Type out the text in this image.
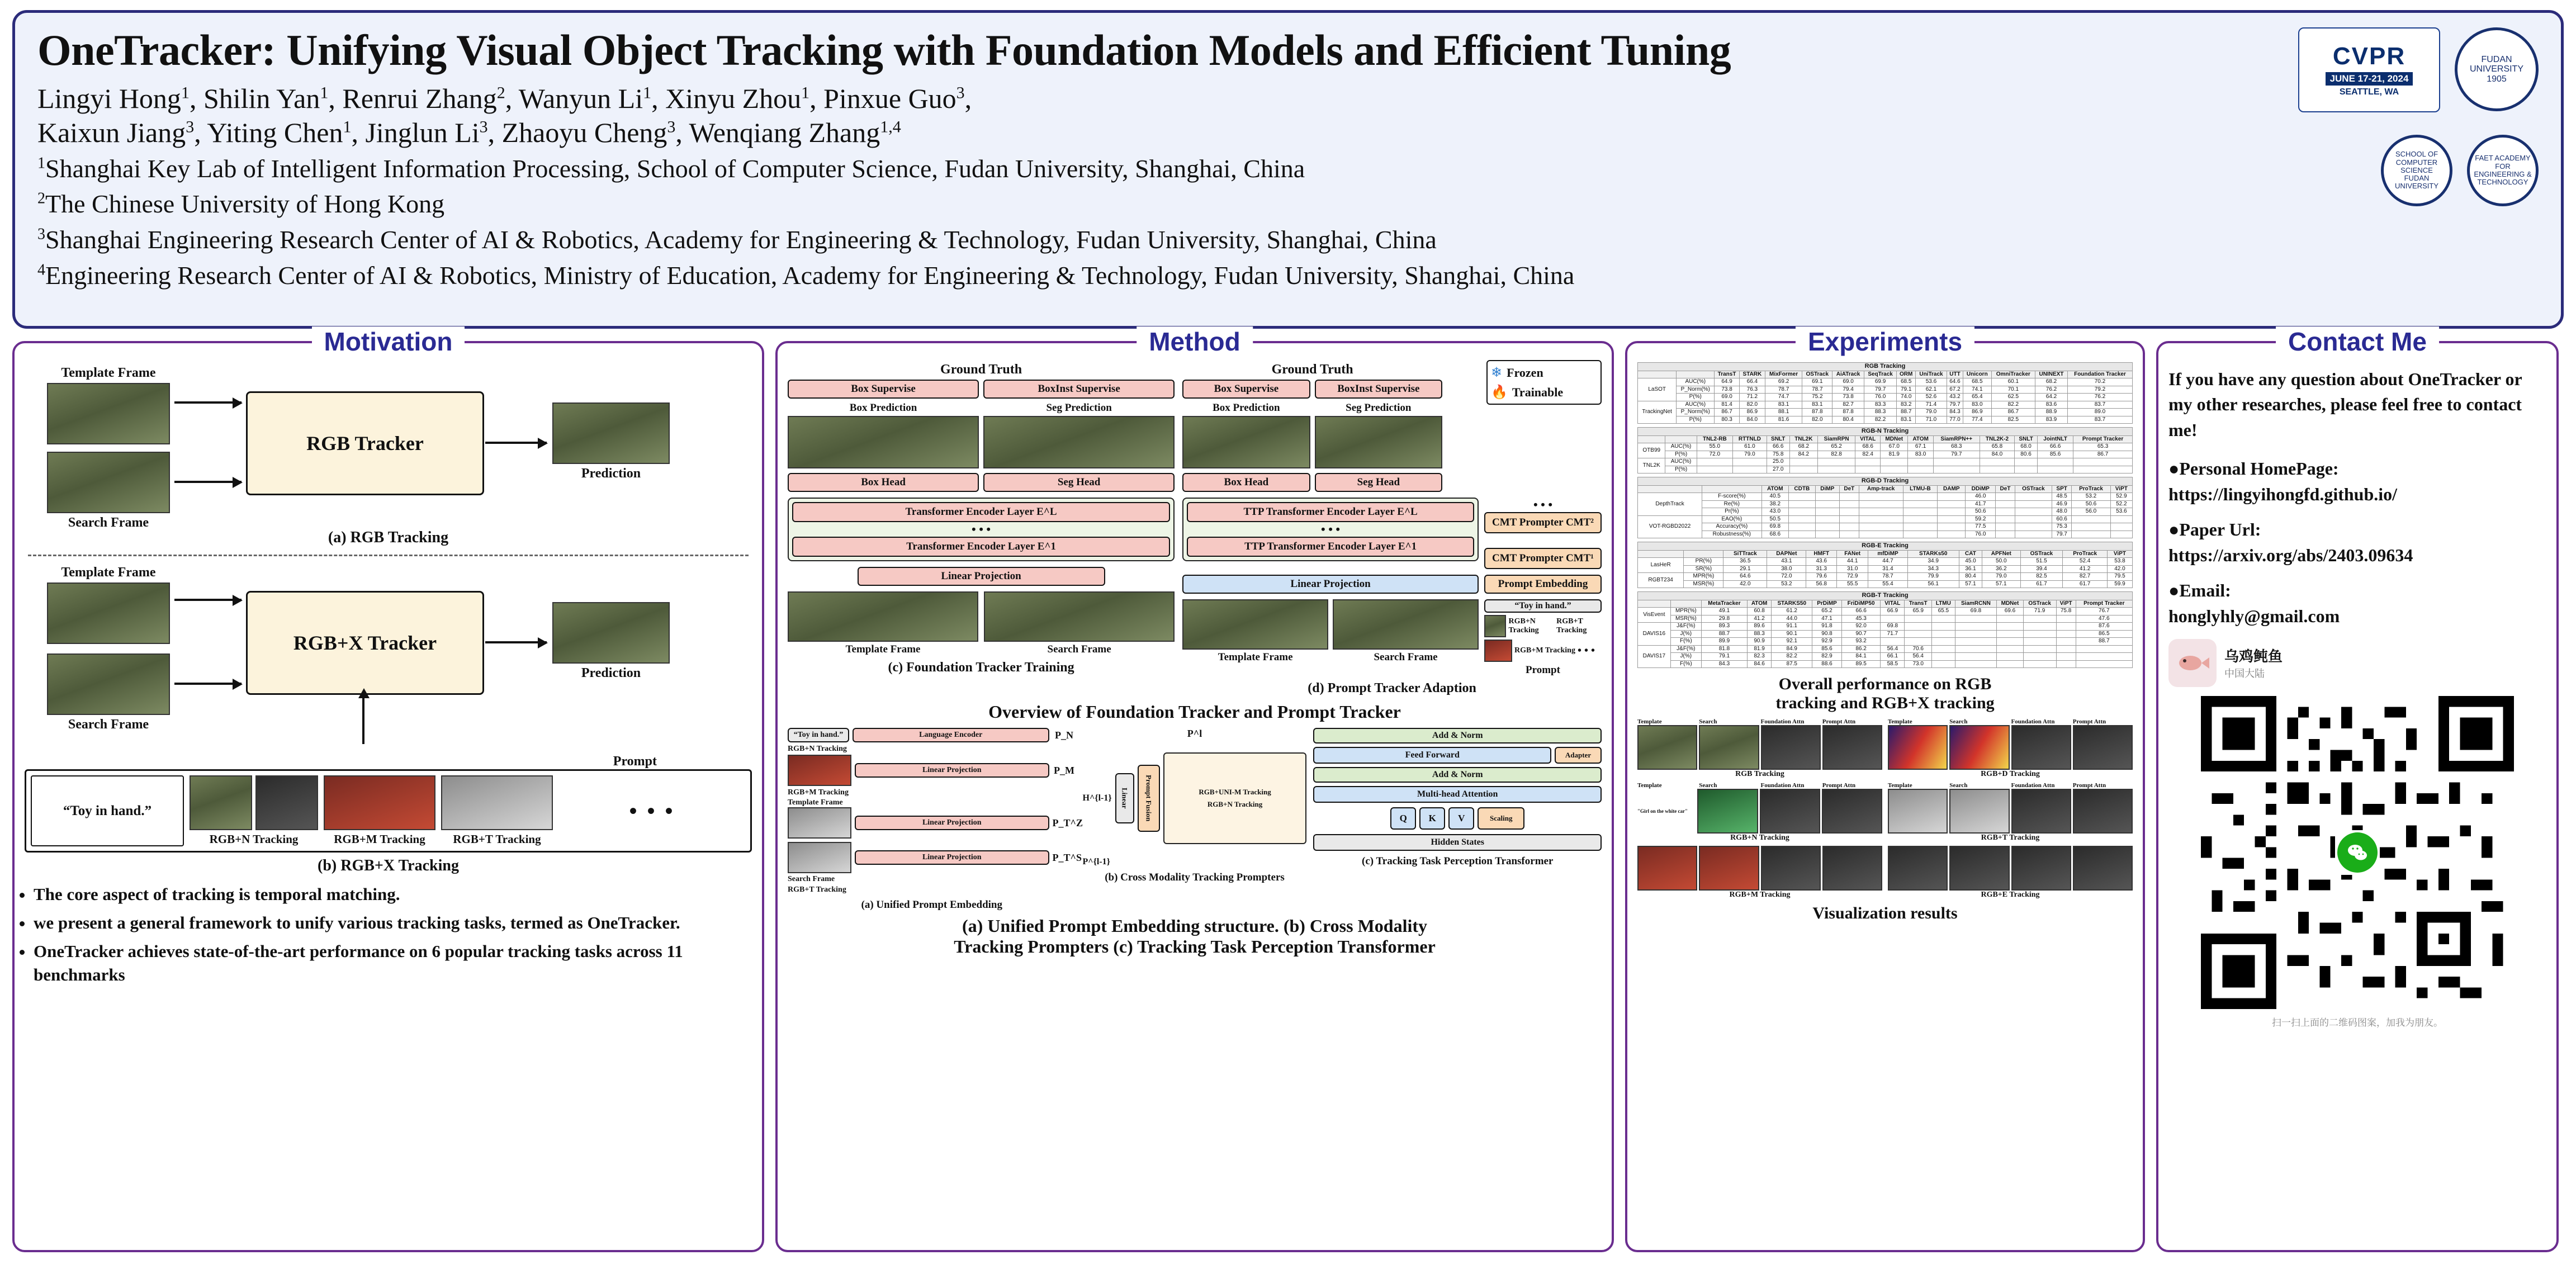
OneTracker: Unifying Visual Object Tracking with Foundation Models and Efficient Tuning
Lingyi Hong$^1$, Shilin Yan$^1$, Renrui Zhang$^2$, Wanyun Li$^1$, Xinyu Zhou$^1$, Pinxue Guo$^3$,
Kaixun Jiang$^3$, Yiting Chen$^1$, Jinglun Li$^3$, Zhaoyu Cheng$^3$, Wenqiang Zhang$^{1,4}$
$^1$Shanghai Key Lab of Intelligent Information Processing, School of Computer Science, Fudan University, Shanghai, China
$^2$The Chinese University of Hong Kong
$^3$Shanghai Engineering Research Center of AI & Robotics, Academy for Engineering & Technology, Fudan University, Shanghai, China
$^4$Engineering Research Center of AI & Robotics, Ministry of Education, Academy for Engineering & Technology, Fudan University, Shanghai, China
CVPR
JUNE 17-21, 2024
SEATTLE, WA
FUDAN UNIVERSITY 1905
SCHOOL OF COMPUTER SCIENCE FUDAN UNIVERSITY
FAET ACADEMY FOR ENGINEERING & TECHNOLOGY
Motivation
Template Frame
Search Frame
RGB Tracker
Prediction
(a) RGB Tracking
Template Frame
Search Frame
RGB+X Tracker
Prediction
Prompt
“Toy in hand.”
RGB+N Tracking	RGB+M Tracking	RGB+T Tracking
• • •
(b) RGB+X Tracking
• The core aspect of tracking is temporal matching.
• we present a general framework to unify various tracking tasks, termed as OneTracker.
• OneTracker achieves state-of-the-art performance on 6 popular tracking tasks across 11 benchmarks
Method
Ground Truth
Box Supervise	BoxInst Supervise
Box Prediction	Seg Prediction
Box Head	Seg Head
Transformer Encoder Layer E^L
• • •
Transformer Encoder Layer E^1
Linear Projection
Template Frame	Search Frame
(c) Foundation Tracker Training
❄ Frozen
🔥 Trainable
Ground Truth
Box Supervise	BoxInst Supervise
Box Prediction	Seg Prediction
Box Head	Seg Head
TTP Transformer Encoder Layer E^L
• • •
TTP Transformer Encoder Layer E^1
• • •
CMT Prompter CMT²
CMT Prompter CMT¹
Linear Projection	Prompt Embedding
Template Frame	Search Frame
“Toy in hand.”
RGB+N Tracking
RGB+T Tracking
RGB+M Tracking • • •
Prompt
(d) Prompt Tracker Adaption
Overview of Foundation Tracker and Prompt Tracker
“Toy in hand.”	Language Encoder	P_N
RGB+N Tracking
Linear Projection	P_M
RGB+M Tracking
Template Frame
Linear Projection	P_T^Z
Linear Projection	P_T^S
Search Frame
RGB+T Tracking
(a) Unified Prompt Embedding
P^l
H^{l-1}	Linear	Prompt Fusion	RGB+UNI-M Tracking
RGB+N Tracking
P^{l-1}
(b) Cross Modality Tracking Prompters
Add & Norm
Feed Forward	Adapter
Add & Norm
Multi-head Attention
Q	K	V	Scaling
Hidden States
(c) Tracking Task Perception Transformer
(a) Unified Prompt Embedding structure. (b) Cross Modality
Tracking Prompters (c) Tracking Task Perception Transformer
Experiments
RGB Tracking														
		TransT	STARK	MixFormer	OSTrack	AiATrack	SeqTrack	ORM	UniTrack	UTT	Unicorn	OmniTracker	UNINEXT	Foundation Tracker
LaSOT	AUC(%)	64.9	66.4	69.2	69.1	69.0	69.9	68.5	53.6	64.6	68.5	60.1	68.2	70.2
	P_Norm(%)	73.8	76.3	78.7	78.7	79.4	79.7	79.1	62.1	67.2	74.1	70.1	76.2	79.2
	P(%)	69.0	71.2	74.7	75.2	73.8	76.0	74.0	52.6	43.2	65.4	62.5	64.2	76.2
TrackingNet	AUC(%)	81.4	82.0	83.1	83.1	82.7	83.3	83.2	71.4	79.7	83.0	82.2	83.6	83.7
	P_Norm(%)	86.7	86.9	88.1	87.8	87.8	88.3	88.7	79.0	84.3	86.9	86.7	88.9	89.0
	P(%)	80.3	84.0	81.6	82.0	80.4	82.2	83.1	71.0	77.0	77.4	82.5	83.9	83.7
RGB-N Tracking														
		TNL2-RB	RTTNLD	SNLT	TNL2K	SiamRPN	VITAL	MDNet	ATOM	SiamRPN++	TNL2K-2	SNLT	JointNLT	Prompt Tracker
OTB99	AUC(%)	55.0	61.0	66.6	68.2	65.2	68.6	67.0	67.1	68.3	65.8	68.0	66.6	65.3
	P(%)	72.0	79.0	75.8	84.2	82.8	82.4	81.9	83.0	79.7	84.0	80.6	85.6	86.7
TNL2K	AUC(%)			25.0										
	P(%)			27.0										
RGB-D Tracking														
		ATOM	CDTB	DiMP	DeT	Amp-track	LTMU-B	DAMP	DDiMP	DeT	OSTrack	SPT	ProTrack	ViPT
DepthTrack	F-score(%)	40.5							46.0			48.5	53.2	52.9
	Re(%)	38.2							41.7			46.9	50.6	52.2
	Pr(%)	43.0							50.6			48.0	56.0	53.6
VOT-RGBD2022	EAO(%)	50.5							59.2			60.6		
	Accuracy(%)	69.8							77.5			75.3		
	Robustness(%)	68.6							76.0			79.7		
RGB-E Tracking												
		SiTTrack	DAPNet	HMFT	FANet	mfDiMP	STARKs50	CAT	APFNet	OSTrack	ProTrack	ViPT
LasHeR	PR(%)	36.5	43.1	43.6	44.1	44.7	34.9	45.0	50.0	51.5	52.4	53.8
	SR(%)	29.1	38.0	31.3	31.0	31.4	34.3	36.1	36.2	39.4	41.2	42.0
RGBT234	MPR(%)	64.6	72.0	79.6	72.9	78.7	79.9	80.4	79.0	82.5	82.7	79.5
	MSR(%)	42.0	53.2	56.8	55.5	55.4	56.1	57.1	57.1	61.7	61.7	59.9
RGB-T Tracking														
		MetaTracker	ATOM	STARKS50	PrDiMP	FriDiMP50	VITAL	TransT	LTMU	SiamRCNN	MDNet	OSTrack	ViPT	Prompt Tracker
VisEvent	MPR(%)	49.1	60.8	61.2	65.2	66.6	66.9	65.9	65.5	69.8	69.6	71.9	75.8	76.7
	MSR(%)	29.8	41.2	44.0	47.1	45.3								47.6
DAVIS16	J&F(%)	89.3	89.6	91.1	91.8	92.0	69.8							87.6
	J(%)	88.7	88.3	90.1	90.8	90.7	71.7							86.5
	F(%)	89.9	90.9	92.1	92.9	93.2								88.7
DAVIS17	J&F(%)	81.8	81.9	84.9	85.6	86.2	56.4	70.6						
	J(%)	79.1	82.3	82.2	82.9	84.1	66.1	56.4						
	F(%)	84.3	84.6	87.5	88.6	89.5	58.5	73.0						
Overall performance on RGB
tracking and RGB+X tracking
Template	Search	Foundation Attn	Prompt Attn
RGB Tracking
Template	Search	Foundation Attn	Prompt Attn
RGB+D Tracking
Template	Search	Foundation Attn	Prompt Attn
"Girl on the white car"
RGB+N Tracking
Template	Search	Foundation Attn	Prompt Attn
RGB+T Tracking
RGB+M Tracking	RGB+E Tracking
Visualization results
Contact Me
If you have any question about OneTracker or my other researches, please feel free to contact me!
●Personal HomePage:
https://lingyihongfd.github.io/
●Paper Url:
https://arxiv.org/abs/2403.09634
●Email:
honglyhly@gmail.com
乌鸡鲀鱼
中国大陆
扫一扫上面的二维码图案，加我为朋友。
